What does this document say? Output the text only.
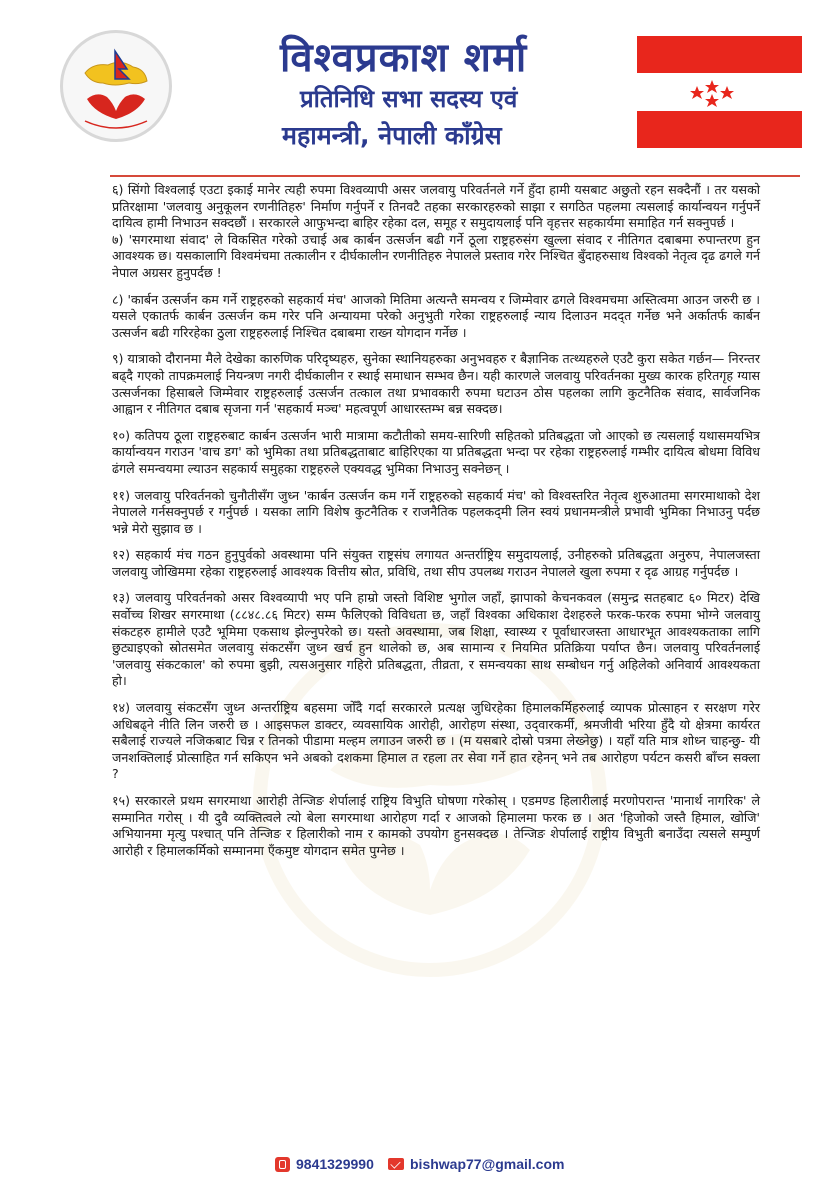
विश्वप्रकाश शर्मा
प्रतिनिधि सभा सदस्य एवं
महामन्त्री, नेपाली काँग्रेस

६) सिंगो विश्वलाई एउटा इकाई मानेर त्यही रुपमा विश्वव्यापी असर जलवायु परिवर्तनले गर्ने हुँदा हामी यसबाट अछुतो रहन सक्दैनौं । तर यसको प्रतिरक्षामा 'जलवायु अनुकूलन रणनीतिहरु' निर्माण गर्नुपर्ने र तिनवटै तहका सरकारहरुको साझा र सगठित पहलमा त्यसलाई कार्यान्वयन गर्नुपर्ने दायित्व हामी निभाउन सक्दछौं । सरकारले आफुभन्दा बाहिर रहेका दल, समूह र समुदायलाई पनि वृहत्तर सहकार्यमा समाहित गर्न सक्नुपर्छ ।

७) 'सगरमाथा संवाद' ले विकसित गरेको उचाई अब कार्बन उत्सर्जन बढी गर्ने ठूला राष्ट्रहरुसंग खुल्ला संवाद र नीतिगत दबाबमा रुपान्तरण हुन आवश्यक छ। यसकालागि विश्वमंचमा तत्कालीन र दीर्घकालीन रणनीतिहरु नेपालले प्रस्ताव गरेर निश्चित बुँदाहरुसाथ विश्वको नेतृत्व दृढ ढगले गर्न नेपाल अग्रसर हुनुपर्दछ !

८) 'कार्बन उत्सर्जन कम गर्ने राष्ट्रहरुको सहकार्य मंच' आजको मितिमा अत्यन्तै समन्वय र जिम्मेवार ढगले विश्वमचमा अस्तित्वमा आउन जरुरी छ । यसले एकातर्फ कार्बन उत्सर्जन कम गरेर पनि अन्यायमा परेको अनुभुती गरेका राष्ट्रहरुलाई न्याय दिलाउन मदद्त गर्नेछ भने अर्कातर्फ कार्बन उत्सर्जन बढी गरिरहेका ठुला राष्ट्रहरुलाई निश्चित दबाबमा राख्न योगदान गर्नेछ ।

९) यात्राको दौरानमा मैले देखेका कारुणिक परिदृष्यहरु, सुनेका स्थानियहरुका अनुभवहरु र बैज्ञानिक तत्थ्यहरुले एउटै कुरा सकेत गर्छन— निरन्तर बढ्दै गएको तापक्रमलाई नियन्त्रण नगरी दीर्घकालीन र स्थाई समाधान सम्भव छैन। यही कारणले जलवायु परिवर्तनका मुख्य कारक हरितगृह ग्यास उत्सर्जनका हिसाबले जिम्मेवार राष्ट्रहरुलाई उत्सर्जन तत्काल तथा प्रभावकारी रुपमा घटाउन ठोस पहलका लागि कुटनैतिक संवाद, सार्वजनिक आह्वान र नीतिगत दबाब सृजना गर्न 'सहकार्य मञ्च' महत्वपूर्ण आधारस्तम्भ बन्न सक्दछ।

१०) कतिपय ठूला राष्ट्रहरुबाट कार्बन उत्सर्जन भारी मात्रामा कटौतीको समय-सारिणी सहितको प्रतिबद्धता जो आएको छ त्यसलाई यथासमयभित्र कार्यान्वयन गराउन 'वाच डग' को भुमिका तथा प्रतिबद्धताबाट बाहिरिएका या प्रतिबद्धता भन्दा पर रहेका राष्ट्रहरुलाई गम्भीर दायित्व बोधमा विविध ढंगले समन्वयमा ल्याउन सहकार्य समुहका राष्ट्रहरुले एक्यवद्ध भुमिका निभाउनु सक्नेछन् ।

११) जलवायु परिवर्तनको चुनौतीसँग जुध्न 'कार्बन उत्सर्जन कम गर्ने राष्ट्रहरुको सहकार्य मंच' को विश्वस्तरित नेतृत्व शुरुआतमा सगरमाथाको देश नेपालले गर्नसक्नुपर्छ र गर्नुपर्छ । यसका लागि विशेष कुटनैतिक र राजनैतिक पहलकद्‌मी लिन स्वयं प्रधानमन्त्रीले प्रभावी भुमिका निभाउनु पर्दछ भन्ने मेरो सुझाव छ ।

१२) सहकार्य मंच गठन हुनुपुर्वको अवस्थामा पनि संयुक्त राष्ट्रसंघ लगायत अन्तर्राष्ट्रिय समुदायलाई, उनीहरुको प्रतिबद्धता अनुरुप, नेपालजस्ता जलवायु जोखिममा रहेका राष्ट्रहरुलाई आवश्यक वित्तीय स्रोत, प्रविधि, तथा सीप उपलब्ध गराउन नेपालले खुला रुपमा र दृढ आग्रह गर्नुपर्दछ ।

१३) जलवायु परिवर्तनको असर विश्वव्यापी भए पनि हाम्रो जस्तो विशिष्ट भुगोल जहाँ, झापाको केचनकवल (समुन्द्र सतहबाट ६० मिटर) देखि सर्वोच्च शिखर सगरमाथा (८८४८.८६ मिटर) सम्म फैलिएको विविधता छ, जहाँ विश्वका अधिकाश देशहरुले फरक-फरक रुपमा भोग्ने जलवायु संकटहरु हामीले एउटै भूमिमा एकसाथ झेल्नुपरेको छ। यस्तो अवस्थामा, जब शिक्षा, स्वास्थ्य र पूर्वाधारजस्ता आधारभूत आवश्यकताका लागि छुट्याइएको स्रोतसमेत जलवायु संकटसँग जुध्न खर्च हुन थालेको छ, अब सामान्य र नियमित प्रतिक्रिया पर्याप्त छैन। जलवायु परिवर्तनलाई 'जलवायु संकटकाल' को रुपमा बुझी, त्यसअनुसार गहिरो प्रतिबद्धता, तीव्रता, र समन्वयका साथ सम्बोधन गर्नु अहिलेको अनिवार्य आवश्यकता हो।

१४) जलवायु संकटसँग जुध्न अन्तर्राष्ट्रिय बहसमा जोँदै गर्दा सरकारले प्रत्यक्ष जुधिरहेका हिमालकर्मिहरुलाई व्यापक प्रोत्साहन र सरक्षण गरेर अधिबढ्ने नीति लिन जरुरी छ । आइसफल डाक्टर, व्यवसायिक आरोही, आरोहण संस्था, उद्‌वारकर्मी, श्रमजीवी भरिया हुँदै यो क्षेत्रमा कार्यरत सबैलाई राज्यले नजिकबाट चिन्न र तिनको पीडामा मल्हम लगाउन जरुरी छ । (म यसबारे दोस्रो पत्रमा लेख्नेछु) । यहाँ यति मात्र शोध्न चाहन्छु- यी जनशक्तिलाई प्रोत्साहित गर्न सकिएन भने अबको दशकमा हिमाल त रहला तर सेवा गर्ने हात रहेनन् भने तब आरोहण पर्यटन कसरी बाँच्न सक्ला ?

१५) सरकारले प्रथम सगरमाथा आरोही तेन्जिङ शेर्पालाई राष्ट्रिय विभुति घोषणा गरेकोस् । एडमण्ड हिलारीलाई मरणोपरान्त 'मानार्थ नागरिक' ले सम्मानित गरोस् । यी दुवै व्यक्तित्वले त्यो बेला सगरमाथा आरोहण गर्दा र आजको हिमालमा फरक छ । अत 'हिजोको जस्तै हिमाल, खोजि' अभियानमा मृत्यु पश्चात् पनि तेन्जिङ र हिलारीको नाम र कामको उपयोग हुनसक्दछ । तेन्जिङ शेर्पालाई राष्ट्रीय विभुती बनाउँदा त्यसले सम्पुर्ण आरोही र हिमालकर्मिको सम्मानमा एँकमुष्ट योगदान समेत पुग्नेछ ।

9841329990	bishwap77@gmail.com
